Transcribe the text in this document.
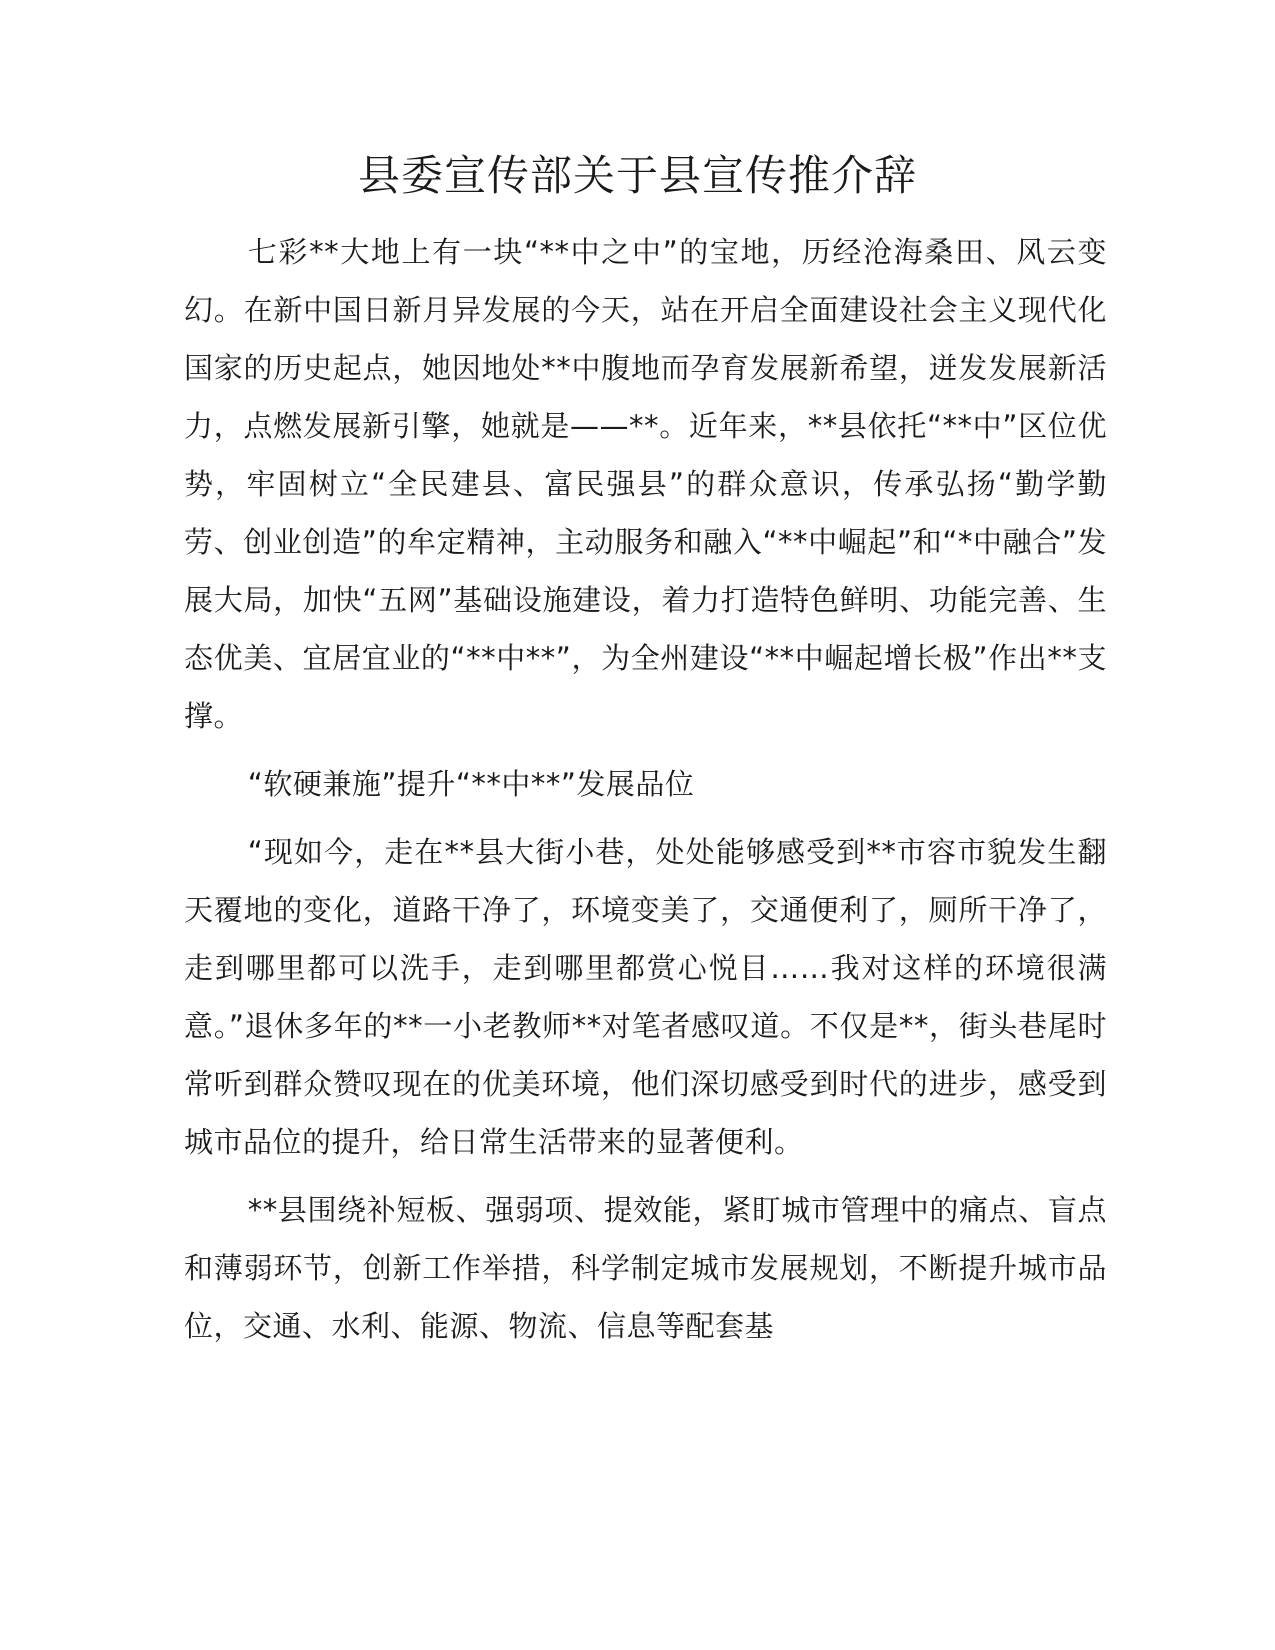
县委宣传部关于县宣传推介辞

七彩**大地上有一块“**中之中”的宝地，历经沧海桑田、风云变幻。在新中国日新月异发展的今天，站在开启全面建设社会主义现代化国家的历史起点，她因地处**中腹地而孕育发展新希望，迸发发展新活力，点燃发展新引擎，她就是——**。近年来，**县依托“**中”区位优势，牢固树立“全民建县、富民强县”的群众意识，传承弘扬“勤学勤劳、创业创造”的牟定精神，主动服务和融入“**中崛起”和“*中融合”发展大局，加快“五网”基础设施建设，着力打造特色鲜明、功能完善、生态优美、宜居宜业的“**中**”，为全州建设“**中崛起增长极”作出**支撑。

“软硬兼施”提升“**中**”发展品位

“现如今，走在**县大街小巷，处处能够感受到**市容市貌发生翻天覆地的变化，道路干净了，环境变美了，交通便利了，厕所干净了，走到哪里都可以洗手，走到哪里都赏心悦目……我对这样的环境很满意。”退休多年的**一小老教师**对笔者感叹道。不仅是**，街头巷尾时常听到群众赞叹现在的优美环境，他们深切感受到时代的进步，感受到城市品位的提升，给日常生活带来的显著便利。

**县围绕补短板、强弱项、提效能，紧盯城市管理中的痛点、盲点和薄弱环节，创新工作举措，科学制定城市发展规划，不断提升城市品位，交通、水利、能源、物流、信息等配套基
